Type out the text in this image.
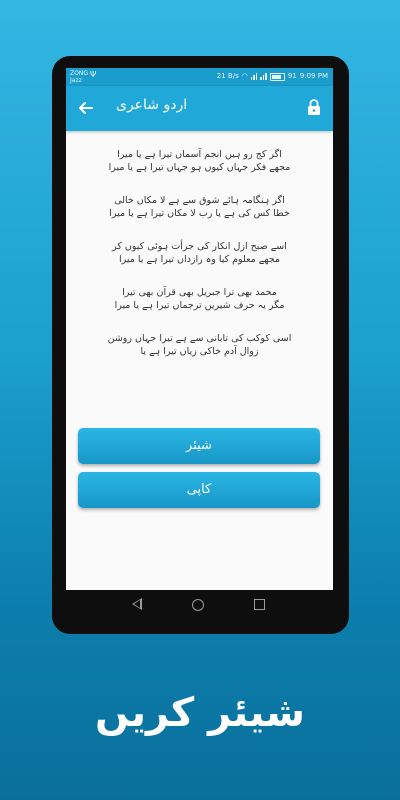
ZONG
Jazz
Ψ	21 B/s ◠	91 9:09 PM
اردو شاعری
اگر کج رو ہیں انجم آسماں تیرا ہے یا میرا
مجھے فکر جہاں کیوں ہو جہاں تیرا ہے یا میرا
اگر ہنگامہ ہائے شوق سے ہے لا مکاں خالی
خطا کس کی ہے یا رب لا مکاں تیرا ہے یا میرا
اسے صبح ازل انکار کی جرأت ہوئی کیوں کر
مجھے معلوم کیا وہ رازداں تیرا ہے یا میرا
محمد بھی ترا جبریل بھی قرآن بھی تیرا
مگر یہ حرف شیریں ترجماں تیرا ہے یا میرا
اسی کوکب کی تابانی سے ہے تیرا جہاں روشن
زوال آدم خاکی زیاں تیرا ہے یا
شیئر
کاپی
شیئر کریں
